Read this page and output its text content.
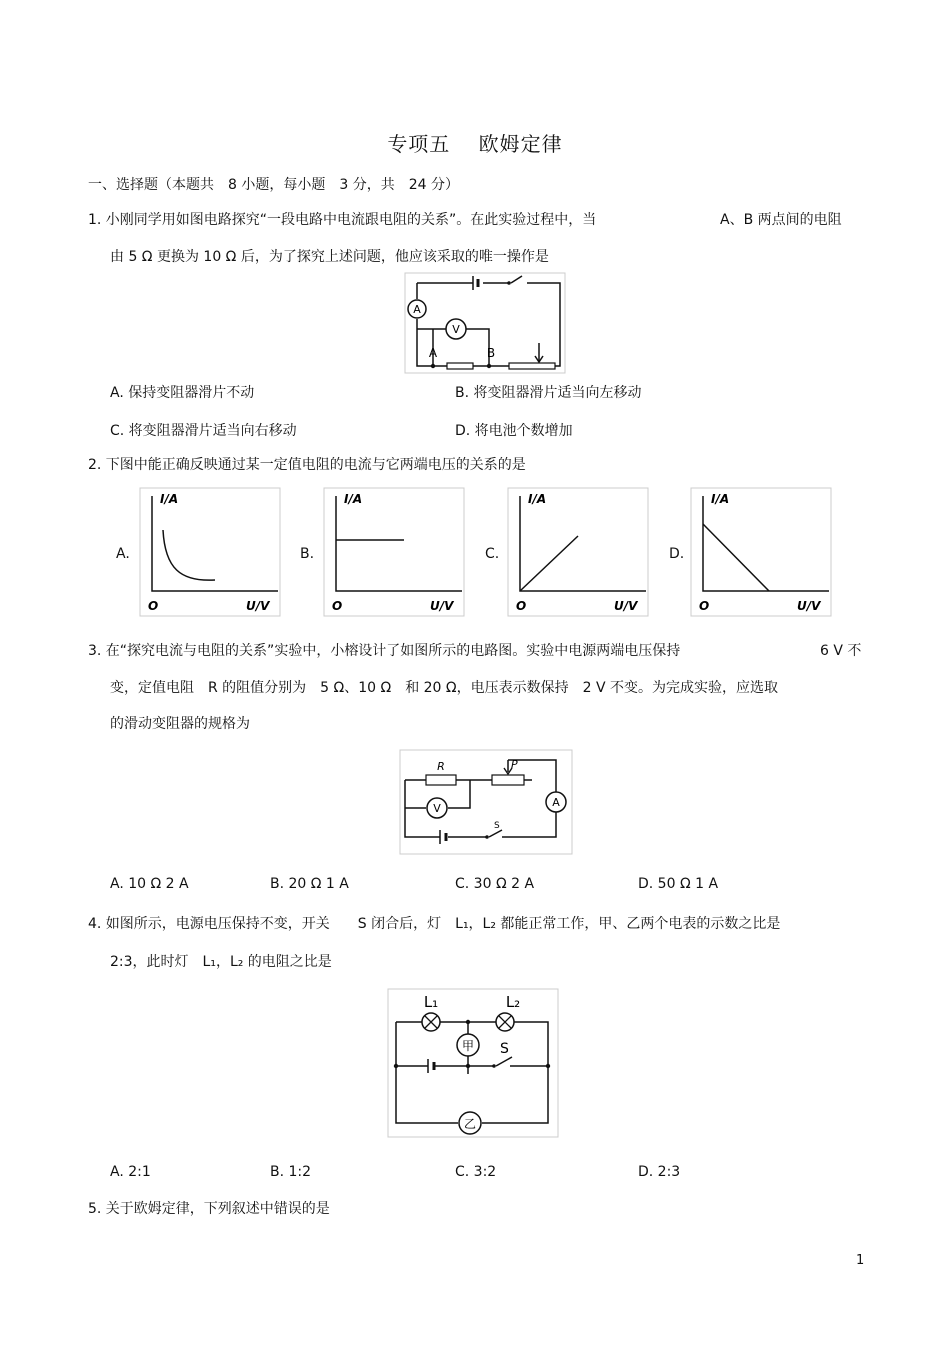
专项五　 欧姆定律
一、选择题（本题共　8 小题，每小题　3 分，共　24 分）
1. 小刚同学用如图电路探究“一段电路中电流跟电阻的关系”。在此实验过程中，当	A、B 两点间的电阻
由 5 Ω 更换为 10 Ω 后，为了探究上述问题，他应该采取的唯一操作是
A
V
A	B
A. 保持变阻器滑片不动	B. 将变阻器滑片适当向左移动
C. 将变阻器滑片适当向右移动	D. 将电池个数增加
2. 下图中能正确反映通过某一定值电阻的电流与它两端电压的关系的是
A.
I/A
O	U/V
B.
I/A
O	U/V
C.
I/A
O	U/V
D.
I/A
O	U/V
3. 在“探究电流与电阻的关系”实验中，小榕设计了如图所示的电路图。实验中电源两端电压保持	6 V 不
变，定值电阻　R 的阻值分别为　5 Ω、10 Ω　和 20 Ω，电压表示数保持　2 V 不变。为完成实验，应选取
的滑动变阻器的规格为
R	P
A
V
S
A. 10 Ω 2 A	B. 20 Ω 1 A	C. 30 Ω 2 A	D. 50 Ω 1 A
4. 如图所示，电源电压保持不变，开关　　S 闭合后，灯　L₁，L₂ 都能正常工作，甲、乙两个电表的示数之比是
2:3，此时灯　L₁，L₂ 的电阻之比是
L₁	L₂
甲
乙
S
A. 2:1	B. 1:2	C. 3:2	D. 2:3
5. 关于欧姆定律，下列叙述中错误的是
1
